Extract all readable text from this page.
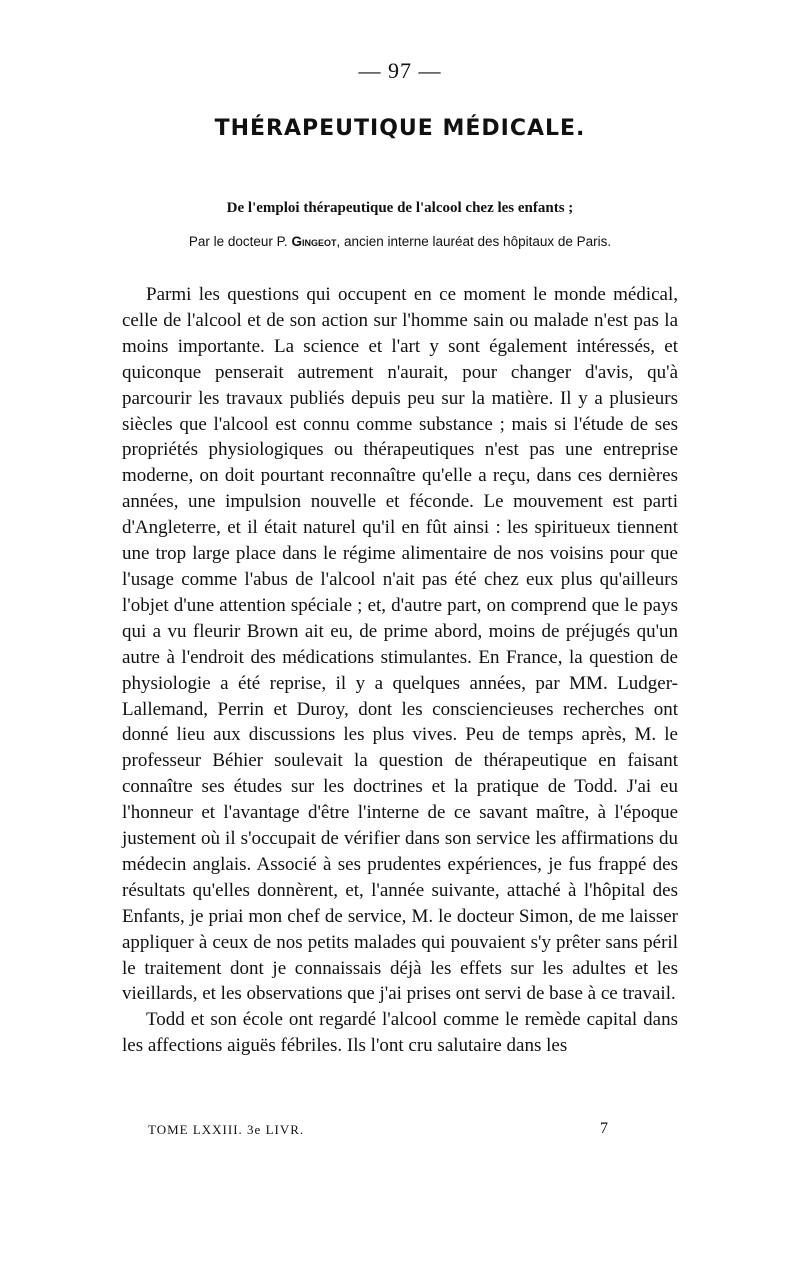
— 97 —
THÉRAPEUTIQUE MÉDICALE.
De l'emploi thérapeutique de l'alcool chez les enfants ;
Par le docteur P. Gingeot, ancien interne lauréat des hôpitaux de Paris.

Parmi les questions qui occupent en ce moment le monde médical, celle de l'alcool et de son action sur l'homme sain ou malade n'est pas la moins importante. La science et l'art y sont également intéressés, et quiconque penserait autrement n'aurait, pour changer d'avis, qu'à parcourir les travaux publiés depuis peu sur la matière. Il y a plusieurs siècles que l'alcool est connu comme substance ; mais si l'étude de ses propriétés physiologiques ou thérapeutiques n'est pas une entreprise moderne, on doit pourtant reconnaître qu'elle a reçu, dans ces dernières années, une impulsion nouvelle et féconde. Le mouvement est parti d'Angleterre, et il était naturel qu'il en fût ainsi : les spiritueux tiennent une trop large place dans le régime alimentaire de nos voisins pour que l'usage comme l'abus de l'alcool n'ait pas été chez eux plus qu'ailleurs l'objet d'une attention spéciale ; et, d'autre part, on comprend que le pays qui a vu fleurir Brown ait eu, de prime abord, moins de préjugés qu'un autre à l'endroit des médications stimulantes. En France, la question de physiologie a été reprise, il y a quelques années, par MM. Ludger-Lallemand, Perrin et Duroy, dont les consciencieuses recherches ont donné lieu aux discussions les plus vives. Peu de temps après, M. le professeur Béhier soulevait la question de thérapeutique en faisant connaître ses études sur les doctrines et la pratique de Todd. J'ai eu l'honneur et l'avantage d'être l'interne de ce savant maître, à l'époque justement où il s'occupait de vérifier dans son service les affirmations du médecin anglais. Associé à ses prudentes expériences, je fus frappé des résultats qu'elles donnèrent, et, l'année suivante, attaché à l'hôpital des Enfants, je priai mon chef de service, M. le docteur Simon, de me laisser appliquer à ceux de nos petits malades qui pouvaient s'y prêter sans péril le traitement dont je connaissais déjà les effets sur les adultes et les vieillards, et les observations que j'ai prises ont servi de base à ce travail.

Todd et son école ont regardé l'alcool comme le remède capital dans les affections aiguës fébriles. Ils l'ont cru salutaire dans les

TOME LXXIII. 3e LIVR.	7
